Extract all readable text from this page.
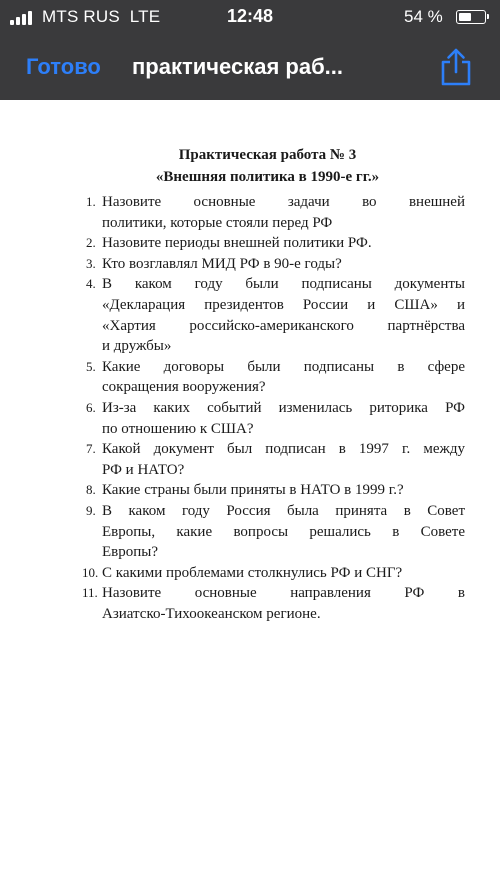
MTS RUS LTE	12:48	54 %
Готово практическая раб...
Практическая работа № 3
«Внешняя политика в 1990-е гг.»
1. Назовите основные задачи во внешней
политики, которые стояли перед РФ
2. Назовите периоды внешней политики РФ.
3. Кто возглавлял МИД РФ в 90-е годы?
4. В каком году были подписаны документы
«Декларация президентов России и США» и
«Хартия российско-американского партнёрства
и дружбы»
5. Какие договоры были подписаны в сфере
сокращения вооружения?
6. Из-за каких событий изменилась риторика РФ
по отношению к США?
7. Какой документ был подписан в 1997 г. между
РФ и НАТО?
8. Какие страны были приняты в НАТО в 1999 г.?
9. В каком году Россия была принята в Совет
Европы, какие вопросы решались в Совете
Европы?
10. С какими проблемами столкнулись РФ и СНГ?
11. Назовите основные направления РФ в
Азиатско-Тихоокеанском регионе.
